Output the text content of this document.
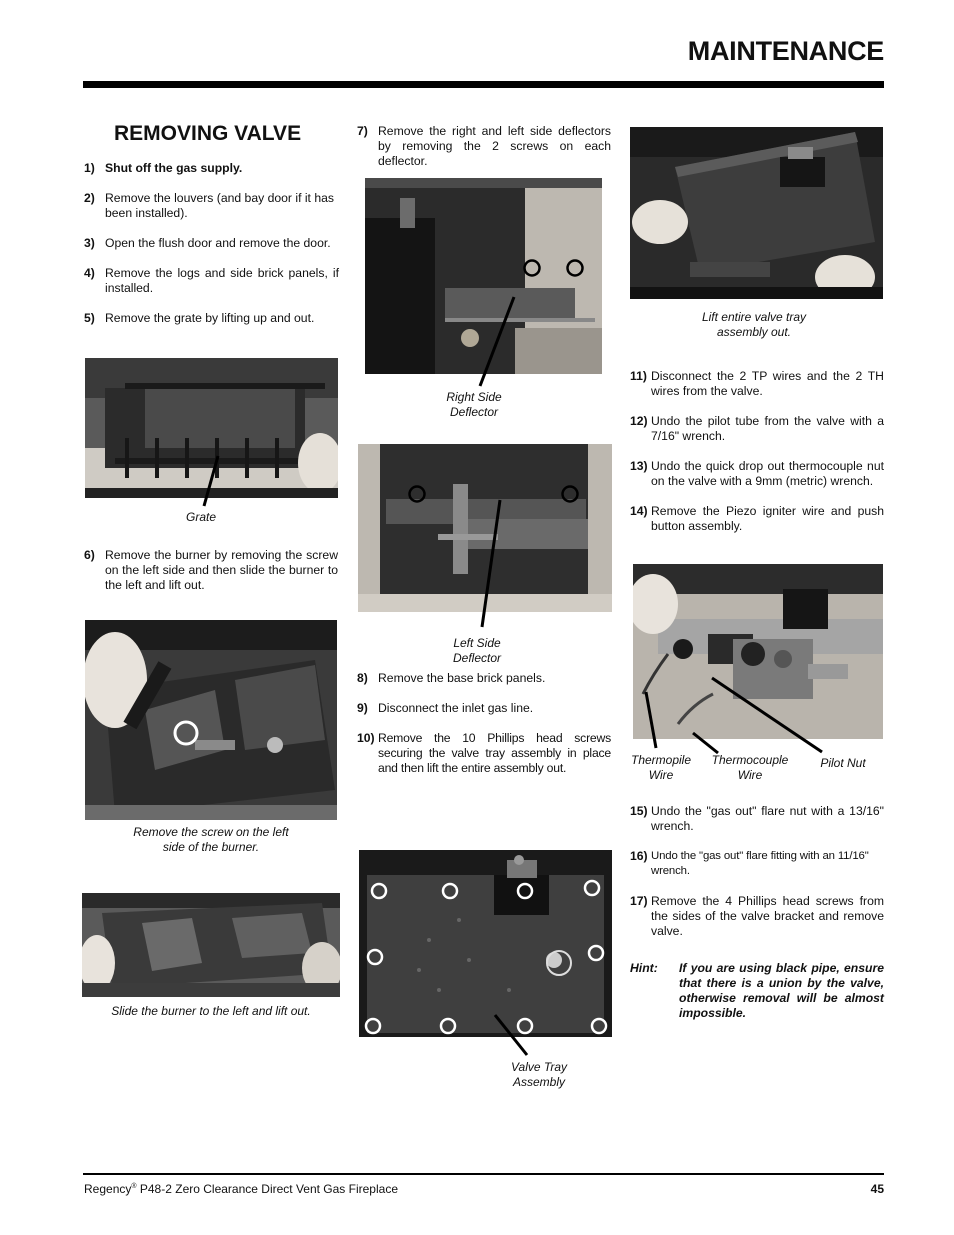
MAINTENANCE
REMOVING VALVE
1) Shut off the gas supply.
2) Remove the louvers (and bay door if it has been installed).
3) Open the flush door and remove the door.
4) Remove the logs and side brick panels, if installed.
5) Remove the grate by lifting up and out.
Grate
6) Remove the burner by removing the screw on the left side and then slide the burner to the left and lift out.
Remove the screw on the left
side of the burner.
Slide the burner to the left and lift out.
7) Remove the right and left side deflectors by removing the 2 screws on each deflector.
Right Side
Deflector
Left Side
Deflector
8) Remove the base brick panels.
9) Disconnect the inlet gas line.
10) Remove the 10 Phillips head screws securing the valve tray assembly in place and then lift the entire assembly out.
Valve Tray
Assembly
Lift entire valve tray
assembly out.
11) Disconnect the 2 TP wires and the 2 TH wires from the valve.
12) Undo the pilot tube from the valve with a 7/16" wrench.
13) Undo the quick drop out thermocouple nut on the valve with a 9mm (metric) wrench.
14) Remove the Piezo igniter wire and push button assembly.
Thermopile
Wire
Thermocouple
Wire
Pilot Nut
15) Undo the "gas out" flare nut with a 13/16" wrench.
16) Undo the "gas out" flare fitting with an 11/16" wrench.
17) Remove the 4 Phillips head screws from the sides of the valve bracket and remove valve.
Hint:	If you are using black pipe, ensure that there is a union by the valve, otherwise removal will be almost impossible.
Regency® P48-2 Zero Clearance Direct Vent Gas Fireplace	45
